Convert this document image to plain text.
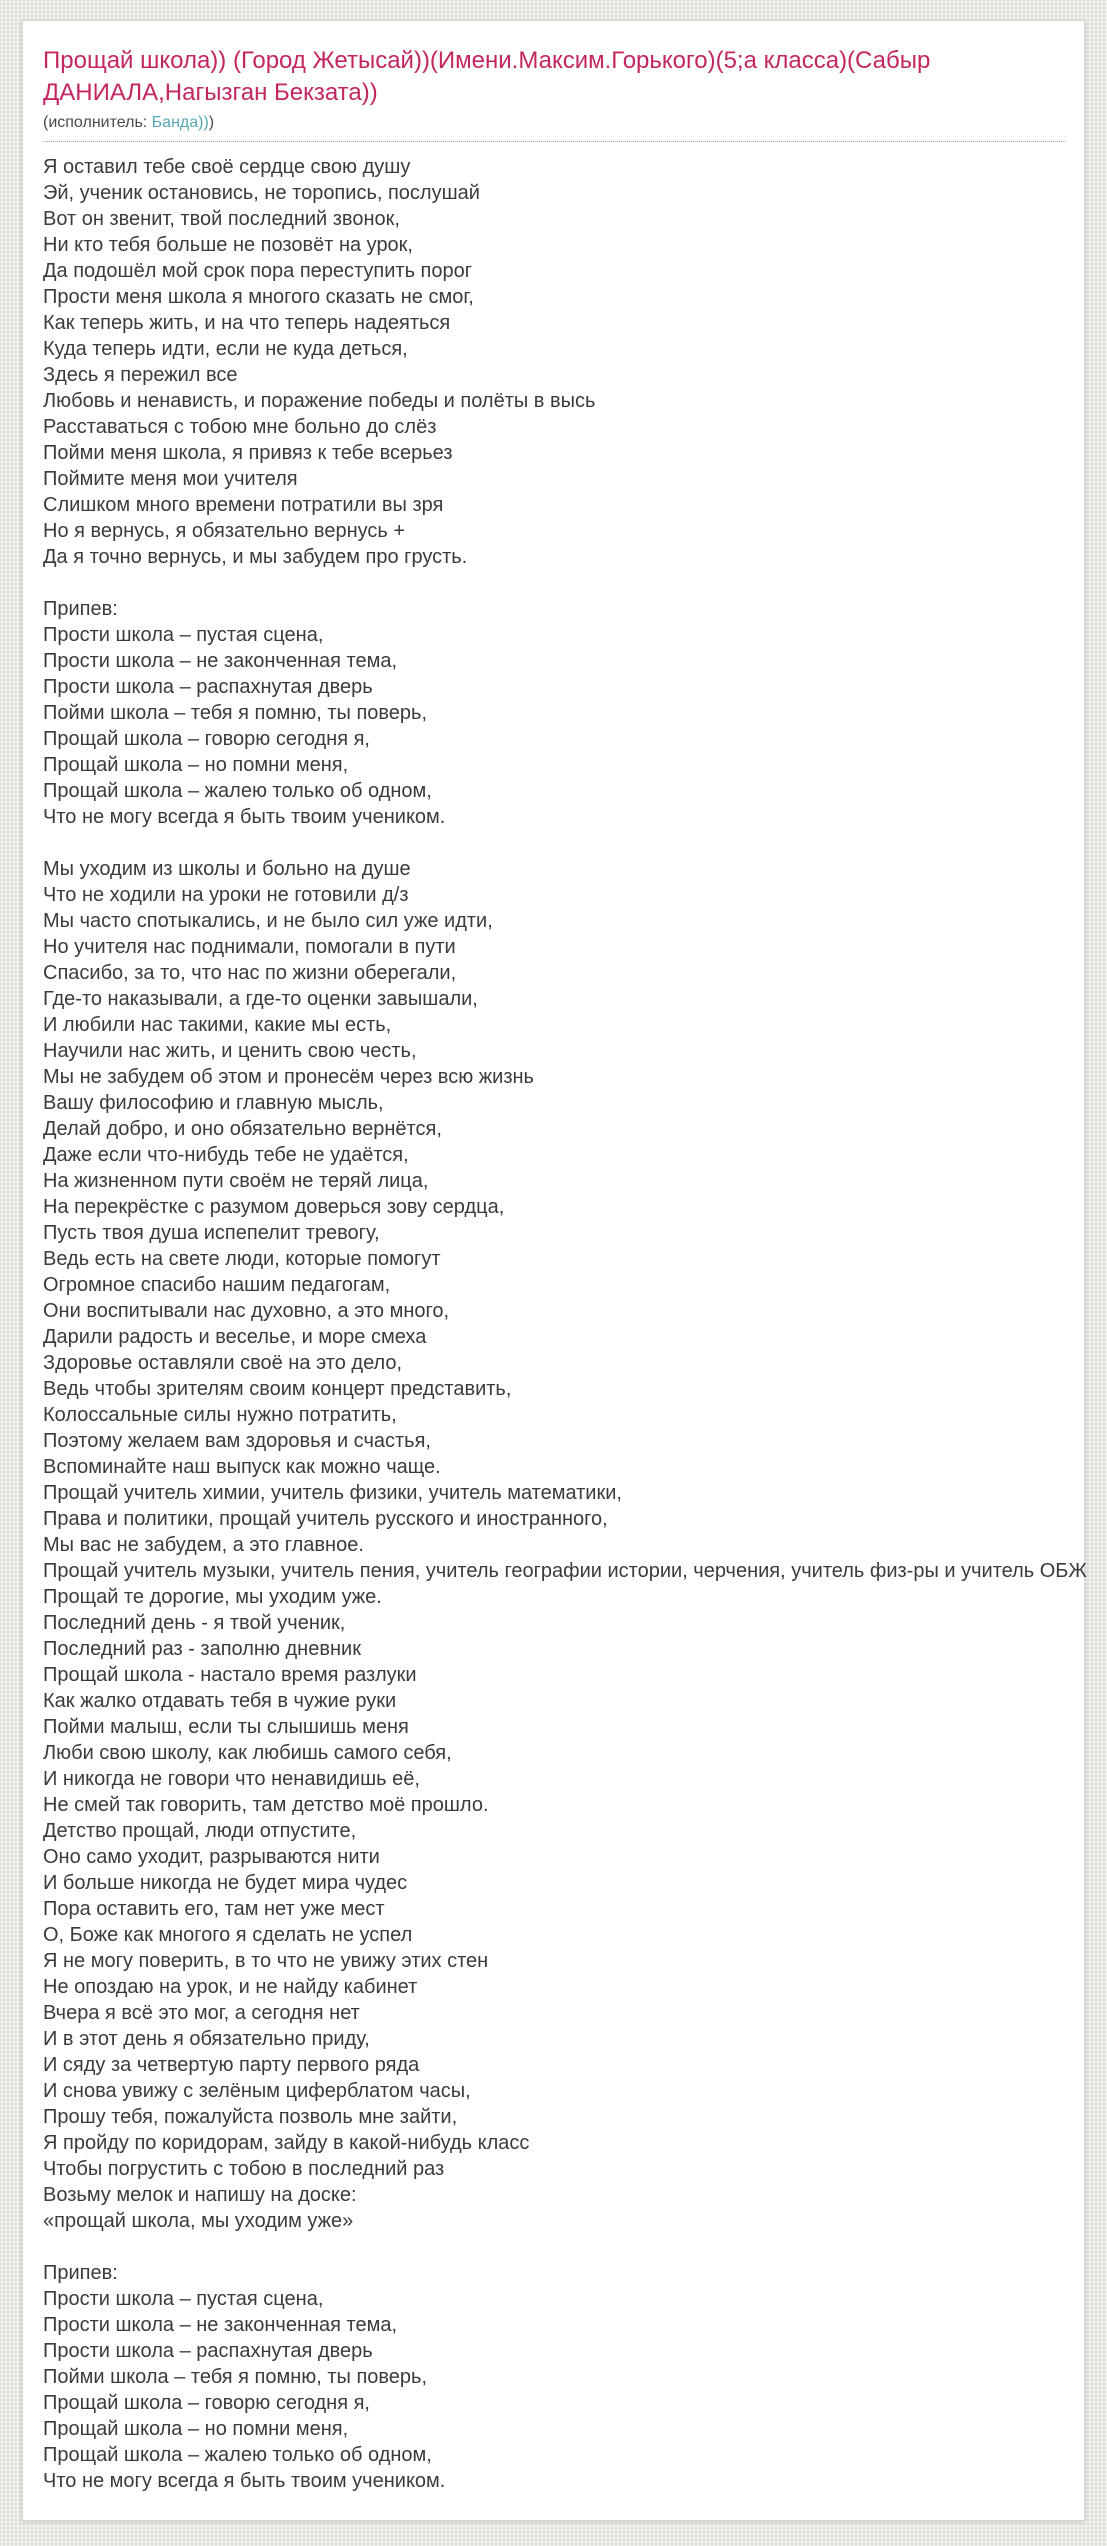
Прощай школа)) (Город Жетысай))(Имени.Максим.Горького)(5;а класса)(Сабыр ДАНИАЛА,Нагызган Бекзата))
(исполнитель: Банда)))
Я оставил тебе своё сердце свою душу
Эй, ученик остановись, не торопись, послушай
Вот он звенит, твой последний звонок,
Ни кто тебя больше не позовёт на урок,
Да подошёл мой срок пора переступить порог
Прости меня школа я многого сказать не смог,
Как теперь жить, и на что теперь надеяться
Куда теперь идти, если не куда деться,
Здесь я пережил все
Любовь и ненависть, и поражение победы и полёты в высь
Расставаться с тобою мне больно до слёз
Пойми меня школа, я привяз к тебе всерьез
Поймите меня мои учителя
Слишком много времени потратили вы зря
Но я вернусь, я обязательно вернусь +
Да я точно вернусь, и мы забудем про грусть.

Припев:
Прости школа – пустая сцена,
Прости школа – не законченная тема,
Прости школа – распахнутая дверь
Пойми школа – тебя я помню, ты поверь,
Прощай школа – говорю сегодня я,
Прощай школа – но помни меня,
Прощай школа – жалею только об одном,
Что не могу всегда я быть твоим учеником.

Мы уходим из школы и больно на душе
Что не ходили на уроки не готовили д/з
Мы часто спотыкались, и не было сил уже идти,
Но учителя нас поднимали, помогали в пути
Спасибо, за то, что нас по жизни оберегали,
Где-то наказывали, а где-то оценки завышали,
И любили нас такими, какие мы есть,
Научили нас жить, и ценить свою честь,
Мы не забудем об этом и пронесём через всю жизнь
Вашу философию и главную мысль,
Делай добро, и оно обязательно вернётся,
Даже если что-нибудь тебе не удаётся,
На жизненном пути своём не теряй лица,
На перекрёстке с разумом доверься зову сердца,
Пусть твоя душа испепелит тревогу,
Ведь есть на свете люди, которые помогут
Огромное спасибо нашим педагогам,
Они воспитывали нас духовно, а это много,
Дарили радость и веселье, и море смеха
Здоровье оставляли своё на это дело,
Ведь чтобы зрителям своим концерт представить,
Колоссальные силы нужно потратить,
Поэтому желаем вам здоровья и счастья,
Вспоминайте наш выпуск как можно чаще.
Прощай учитель химии, учитель физики, учитель математики,
Права и политики, прощай учитель русского и иностранного,
Мы вас не забудем, а это главное.
Прощай учитель музыки, учитель пения, учитель географии истории, черчения, учитель физ-ры и учитель ОБЖ
Прощай те дорогие, мы уходим уже.
Последний день - я твой ученик,
Последний раз - заполню дневник
Прощай школа - настало время разлуки
Как жалко отдавать тебя в чужие руки
Пойми малыш, если ты слышишь меня
Люби свою школу, как любишь самого себя,
И никогда не говори что ненавидишь её,
Не смей так говорить, там детство моё прошло.
Детство прощай, люди отпустите,
Оно само уходит, разрываются нити
И больше никогда не будет мира чудес
Пора оставить его, там нет уже мест
О, Боже как многого я сделать не успел
Я не могу поверить, в то что не увижу этих стен
Не опоздаю на урок, и не найду кабинет
Вчера я всё это мог, а сегодня нет
И в этот день я обязательно приду,
И сяду за четвертую парту первого ряда
И снова увижу с зелёным циферблатом часы,
Прошу тебя, пожалуйста позволь мне зайти,
Я пройду по коридорам, зайду в какой-нибудь класс
Чтобы погрустить с тобою в последний раз
Возьму мелок и напишу на доске:
«прощай школа, мы уходим уже»

Припев:
Прости школа – пустая сцена,
Прости школа – не законченная тема,
Прости школа – распахнутая дверь
Пойми школа – тебя я помню, ты поверь,
Прощай школа – говорю сегодня я,
Прощай школа – но помни меня,
Прощай школа – жалею только об одном,
Что не могу всегда я быть твоим учеником.
